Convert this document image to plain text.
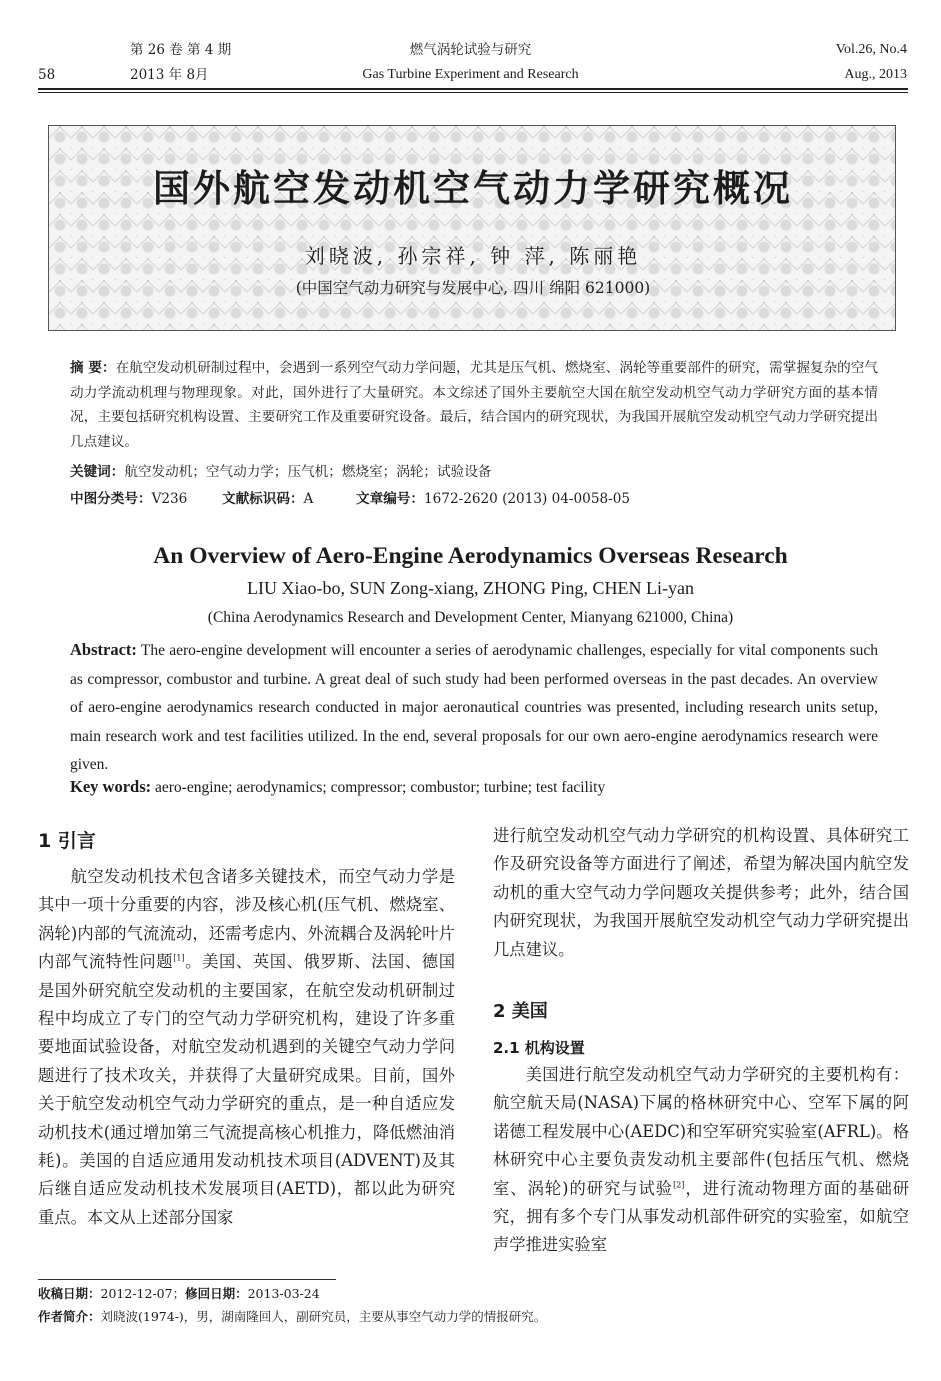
58
第 26 卷 第 4 期
2013 年 8月
燃气涡轮试验与研究
Gas Turbine Experiment and Research
Vol.26, No.4
Aug., 2013
国外航空发动机空气动力学研究概况
刘晓波, 孙宗祥, 钟 萍, 陈丽艳
(中国空气动力研究与发展中心, 四川 绵阳 621000)
摘 要：在航空发动机研制过程中，会遇到一系列空气动力学问题，尤其是压气机、燃烧室、涡轮等重要部件的研究，需掌握复杂的空气动力学流动机理与物理现象。对此，国外进行了大量研究。本文综述了国外主要航空大国在航空发动机空气动力学研究方面的基本情况，主要包括研究机构设置、主要研究工作及重要研究设备。最后，结合国内的研究现状，为我国开展航空发动机空气动力学研究提出几点建议。
关键词：航空发动机；空气动力学；压气机；燃烧室；涡轮；试验设备
中图分类号：V236	文献标识码：A	文章编号：1672-2620 (2013) 04-0058-05
An Overview of Aero-Engine Aerodynamics Overseas Research
LIU Xiao-bo, SUN Zong-xiang, ZHONG Ping, CHEN Li-yan
(China Aerodynamics Research and Development Center, Mianyang 621000, China)
Abstract: The aero-engine development will encounter a series of aerodynamic challenges, especially for vital components such as compressor, combustor and turbine. A great deal of such study had been performed overseas in the past decades. An overview of aero-engine aerodynamics research conducted in major aeronautical countries was presented, including research units setup, main research work and test facilities utilized. In the end, several proposals for our own aero-engine aerodynamics research were given.
Key words: aero-engine; aerodynamics; compressor; combustor; turbine; test facility
1 引言

航空发动机技术包含诸多关键技术，而空气动力学是其中一项十分重要的内容，涉及核心机(压气机、燃烧室、涡轮)内部的气流流动，还需考虑内、外流耦合及涡轮叶片内部气流特性问题[1]。美国、英国、俄罗斯、法国、德国是国外研究航空发动机的主要国家，在航空发动机研制过程中均成立了专门的空气动力学研究机构，建设了许多重要地面试验设备，对航空发动机遇到的关键空气动力学问题进行了技术攻关，并获得了大量研究成果。目前，国外关于航空发动机空气动力学研究的重点，是一种自适应发动机技术(通过增加第三气流提高核心机推力，降低燃油消耗)。美国的自适应通用发动机技术项目(ADVENT)及其后继自适应发动机技术发展项目(AETD)，都以此为研究重点。本文从上述部分国家

进行航空发动机空气动力学研究的机构设置、具体研究工作及研究设备等方面进行了阐述，希望为解决国内航空发动机的重大空气动力学问题攻关提供参考；此外，结合国内研究现状，为我国开展航空发动机空气动力学研究提出几点建议。

2 美国
2.1 机构设置

美国进行航空发动机空气动力学研究的主要机构有：航空航天局(NASA)下属的格林研究中心、空军下属的阿诺德工程发展中心(AEDC)和空军研究实验室(AFRL)。格林研究中心主要负责发动机主要部件(包括压气机、燃烧室、涡轮)的研究与试验[2]，进行流动物理方面的基础研究，拥有多个专门从事发动机部件研究的实验室，如航空声学推进实验室

收稿日期：2012-12-07；修回日期：2013-03-24
作者简介：刘晓波(1974-)，男，湖南隆回人，副研究员，主要从事空气动力学的情报研究。
